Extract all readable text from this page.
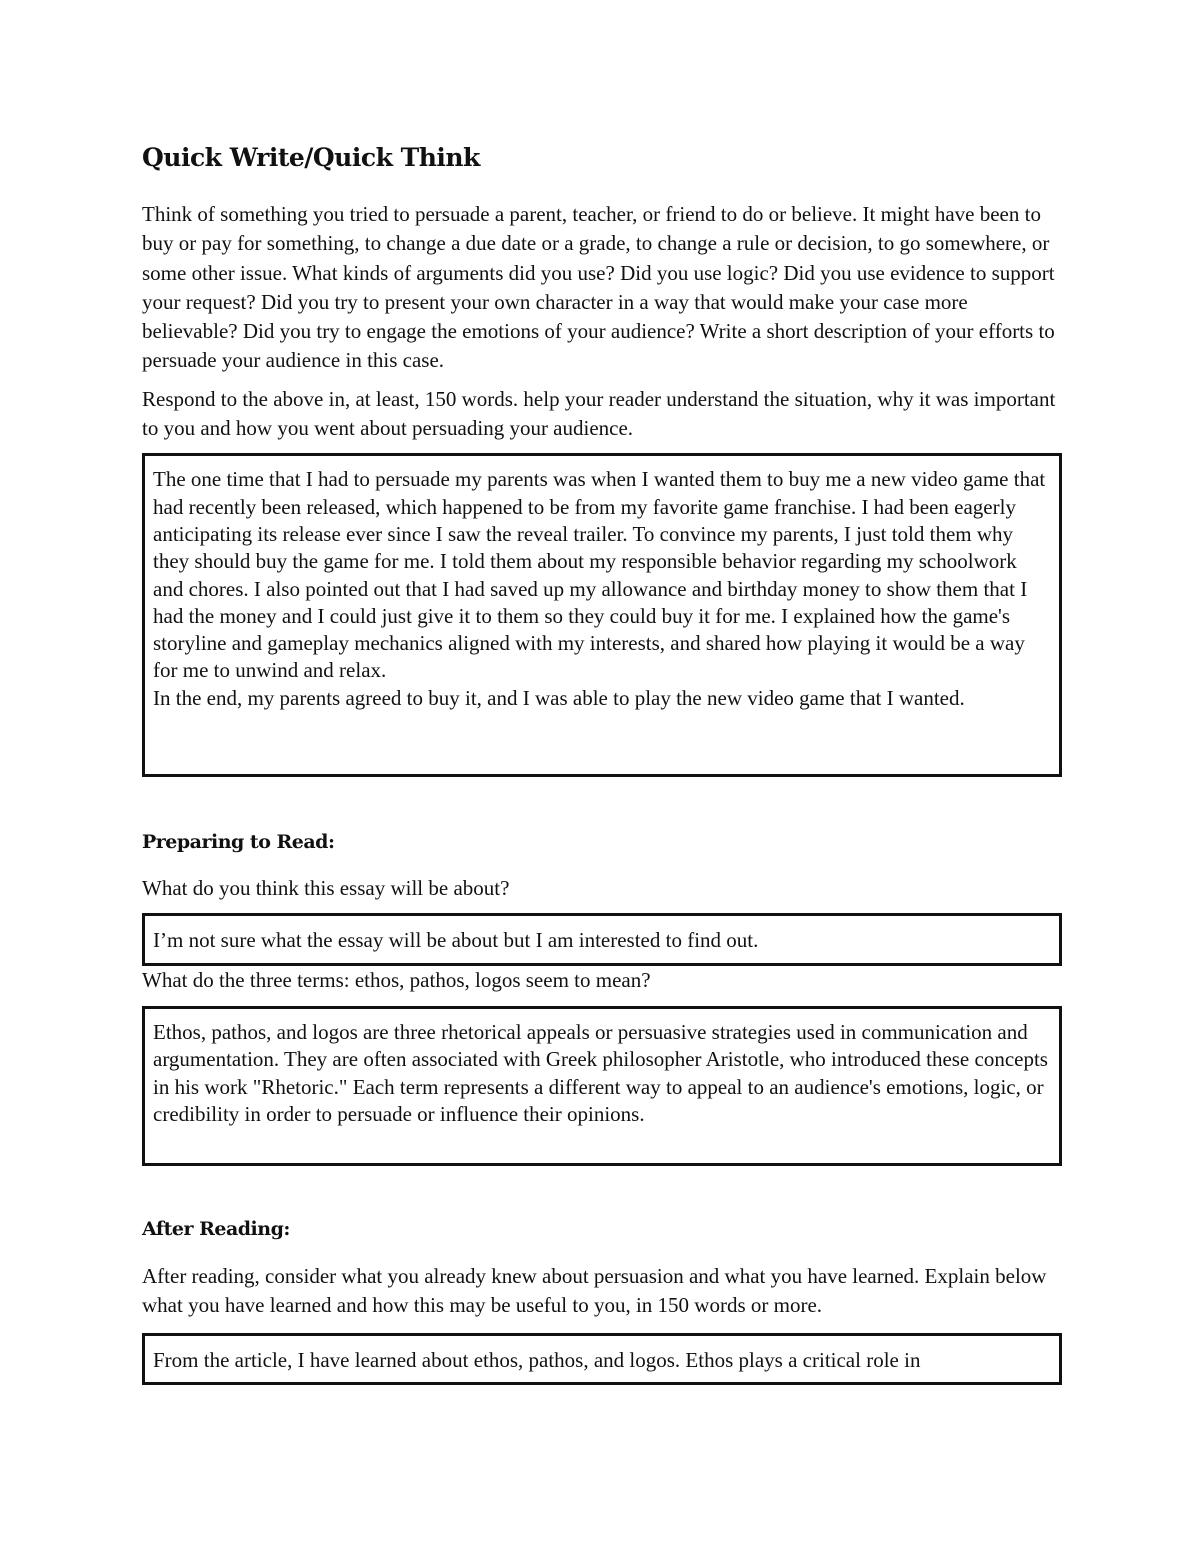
Quick Write/Quick Think

Think of something you tried to persuade a parent, teacher, or friend to do or believe. It might have been to buy or pay for something, to change a due date or a grade, to change a rule or decision, to go somewhere, or some other issue. What kinds of arguments did you use? Did you use logic? Did you use evidence to support your request? Did you try to present your own character in a way that would make your case more believable? Did you try to engage the emotions of your audience? Write a short description of your efforts to persuade your audience in this case.

Respond to the above in, at least, 150 words. help your reader understand the situation, why it was important to you and how you went about persuading your audience.

The one time that I had to persuade my parents was when I wanted them to buy me a new video game that had recently been released, which happened to be from my favorite game franchise. I had been eagerly anticipating its release ever since I saw the reveal trailer. To convince my parents, I just told them why they should buy the game for me. I told them about my responsible behavior regarding my schoolwork and chores. I also pointed out that I had saved up my allowance and birthday money to show them that I had the money and I could just give it to them so they could buy it for me. I explained how the game's storyline and gameplay mechanics aligned with my interests, and shared how playing it would be a way for me to unwind and relax.

In the end, my parents agreed to buy it, and I was able to play the new video game that I wanted.

Preparing to Read:

What do you think this essay will be about?

I’m not sure what the essay will be about but I am interested to find out.

What do the three terms: ethos, pathos, logos seem to mean?

Ethos, pathos, and logos are three rhetorical appeals or persuasive strategies used in communication and argumentation. They are often associated with Greek philosopher Aristotle, who introduced these concepts in his work "Rhetoric." Each term represents a different way to appeal to an audience's emotions, logic, or credibility in order to persuade or influence their opinions.

After Reading:

After reading, consider what you already knew about persuasion and what you have learned. Explain below what you have learned and how this may be useful to you, in 150 words or more.

From the article, I have learned about ethos, pathos, and logos. Ethos plays a critical role in
